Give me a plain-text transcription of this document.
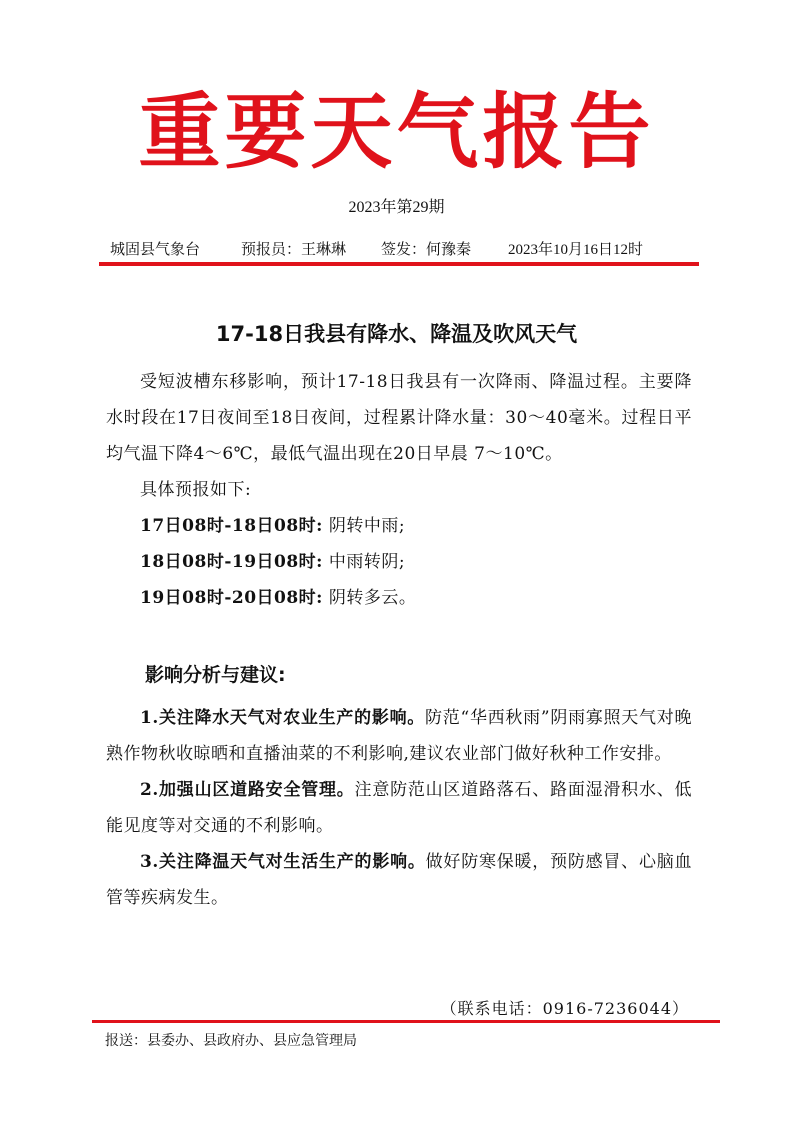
重要天气报告
2023年第29期
城固县气象台	预报员：王琳琳 签发：何豫秦 2023年10月16日12时
17-18日我县有降水、降温及吹风天气

受短波槽东移影响，预计17-18日我县有一次降雨、降温过程。主要降水时段在17日夜间至18日夜间，过程累计降水量：30～40毫米。过程日平均气温下降4～6℃，最低气温出现在20日早晨 7～10℃。

具体预报如下:

17日08时-18日08时: 阴转中雨;

18日08时-19日08时: 中雨转阴;

19日08时-20日08时: 阴转多云。

影响分析与建议:

1.关注降水天气对农业生产的影响。防范“华西秋雨”阴雨寡照天气对晚熟作物秋收晾晒和直播油菜的不利影响,建议农业部门做好秋种工作安排。

2.加强山区道路安全管理。注意防范山区道路落石、路面湿滑积水、低能见度等对交通的不利影响。

3.关注降温天气对生活生产的影响。做好防寒保暖，预防感冒、心脑血管等疾病发生。

（联系电话：0916-7236044）
报送：县委办、县政府办、县应急管理局
